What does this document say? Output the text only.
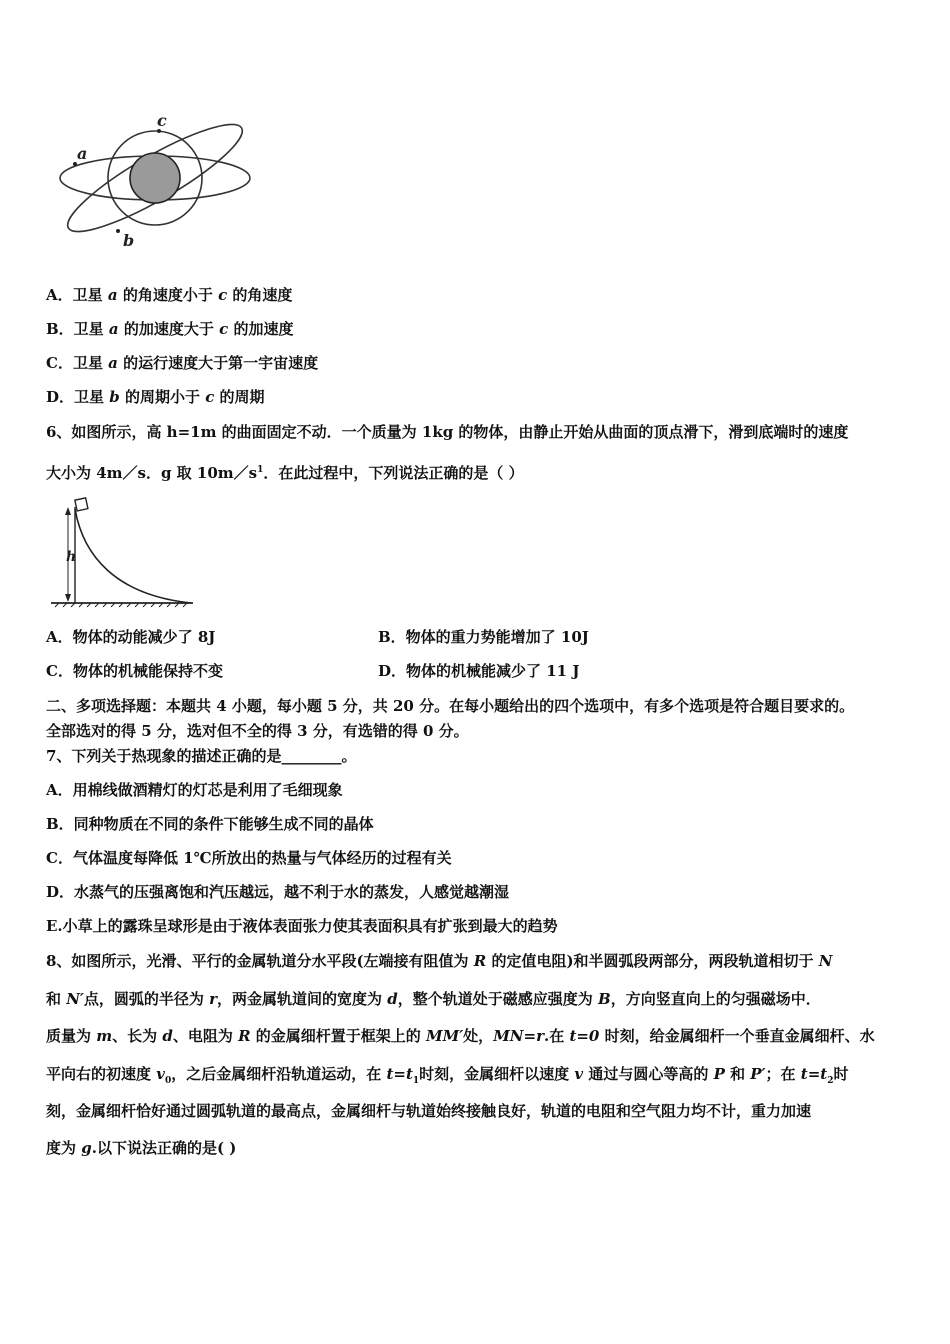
a
b
c
A．卫星 a 的角速度小于 c 的角速度
B．卫星 a 的加速度大于 c 的加速度
C．卫星 a 的运行速度大于第一宇宙速度
D．卫星 b 的周期小于 c 的周期
6、如图所示，高 h=1m 的曲面固定不动．一个质量为 1kg 的物体，由静止开始从曲面的顶点滑下，滑到底端时的速度
大小为 4m／s．g 取 $10m/s^1$．在此过程中，下列说法正确的是（ ）
h
A．物体的动能减少了 8J	B．物体的重力势能增加了 10J
C．物体的机械能保持不变	D．物体的机械能减少了 11 J
二、多项选择题：本题共 4 小题，每小题 5 分，共 20 分。在每小题给出的四个选项中，有多个选项是符合题目要求的。
全部选对的得 5 分，选对但不全的得 3 分，有选错的得 0 分。
7、下列关于热现象的描述正确的是________。
A．用棉线做酒精灯的灯芯是利用了毛细现象
B．同种物质在不同的条件下能够生成不同的晶体
C．气体温度每降低 1℃所放出的热量与气体经历的过程有关
D．水蒸气的压强离饱和汽压越远，越不利于水的蒸发，人感觉越潮湿
E.小草上的露珠呈球形是由于液体表面张力使其表面积具有扩张到最大的趋势
8、如图所示，光滑、平行的金属轨道分水平段(左端接有阻值为 R 的定值电阻)和半圆弧段两部分，两段轨道相切于 N
和 N′点，圆弧的半径为 r，两金属轨道间的宽度为 d，整个轨道处于磁感应强度为 B，方向竖直向上的匀强磁场中．
质量为 m、长为 d、电阻为 R 的金属细杆置于框架上的 MM′处，MN=r.在 t=0 时刻，给金属细杆一个垂直金属细杆、水
平向右的初速度 $v_0$，之后金属细杆沿轨道运动，在 $t=t_1$时刻，金属细杆以速度 v 通过与圆心等高的 P 和 P′；在 $t=t_2$时
刻，金属细杆恰好通过圆弧轨道的最高点，金属细杆与轨道始终接触良好，轨道的电阻和空气阻力均不计，重力加速
度为 g.以下说法正确的是( )
